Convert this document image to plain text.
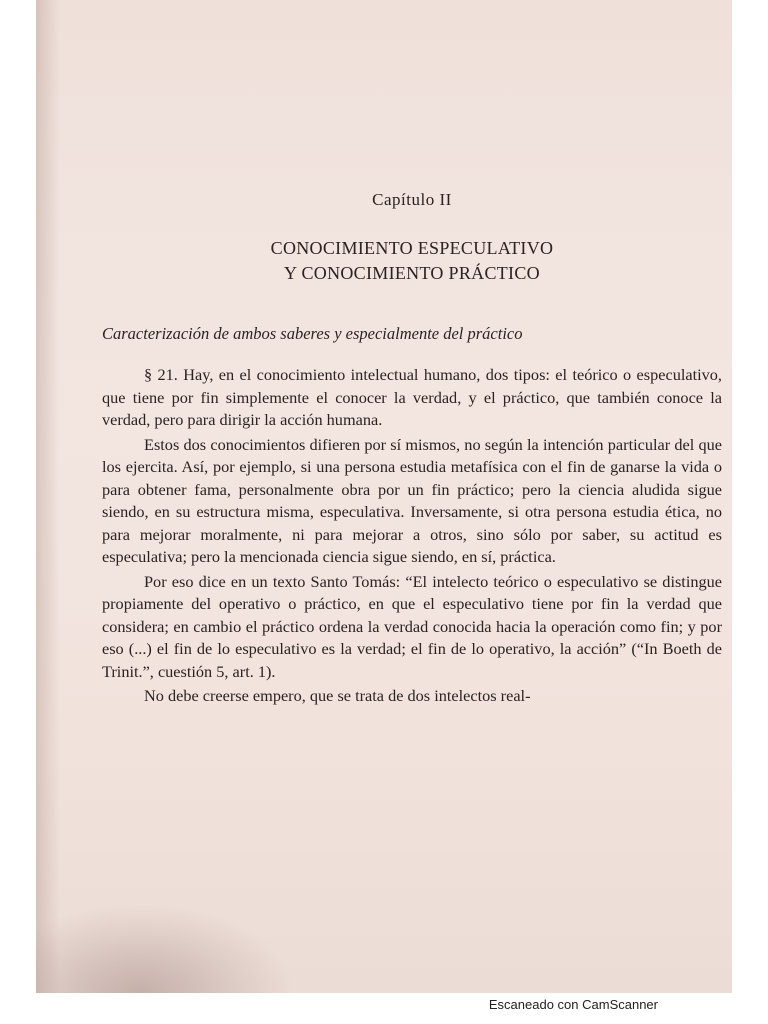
Capítulo II
CONOCIMIENTO ESPECULATIVO
Y CONOCIMIENTO PRÁCTICO
Caracterización de ambos saberes y especialmente del práctico

§ 21. Hay, en el conocimiento intelectual humano, dos tipos: el teórico o especulativo, que tiene por fin simplemente el conocer la verdad, y el práctico, que también conoce la verdad, pero para dirigir la acción humana.

Estos dos conocimientos difieren por sí mismos, no según la intención particular del que los ejercita. Así, por ejemplo, si una persona estudia metafísica con el fin de ganarse la vida o para obtener fama, personalmente obra por un fin práctico; pero la ciencia aludida sigue siendo, en su estructura misma, especulativa. Inversamente, si otra persona estudia ética, no para mejorar moralmente, ni para mejorar a otros, sino sólo por saber, su actitud es especulativa; pero la mencionada ciencia sigue siendo, en sí, práctica.

Por eso dice en un texto Santo Tomás: “El intelecto teórico o especulativo se distingue propiamente del operativo o práctico, en que el especulativo tiene por fin la verdad que considera; en cambio el práctico ordena la verdad conocida hacia la operación como fin; y por eso (...) el fin de lo especulativo es la verdad; el fin de lo operativo, la acción” (“In Boeth de Trinit.”, cuestión 5, art. 1).

No debe creerse empero, que se trata de dos intelectos real-

Escaneado con CamScanner
